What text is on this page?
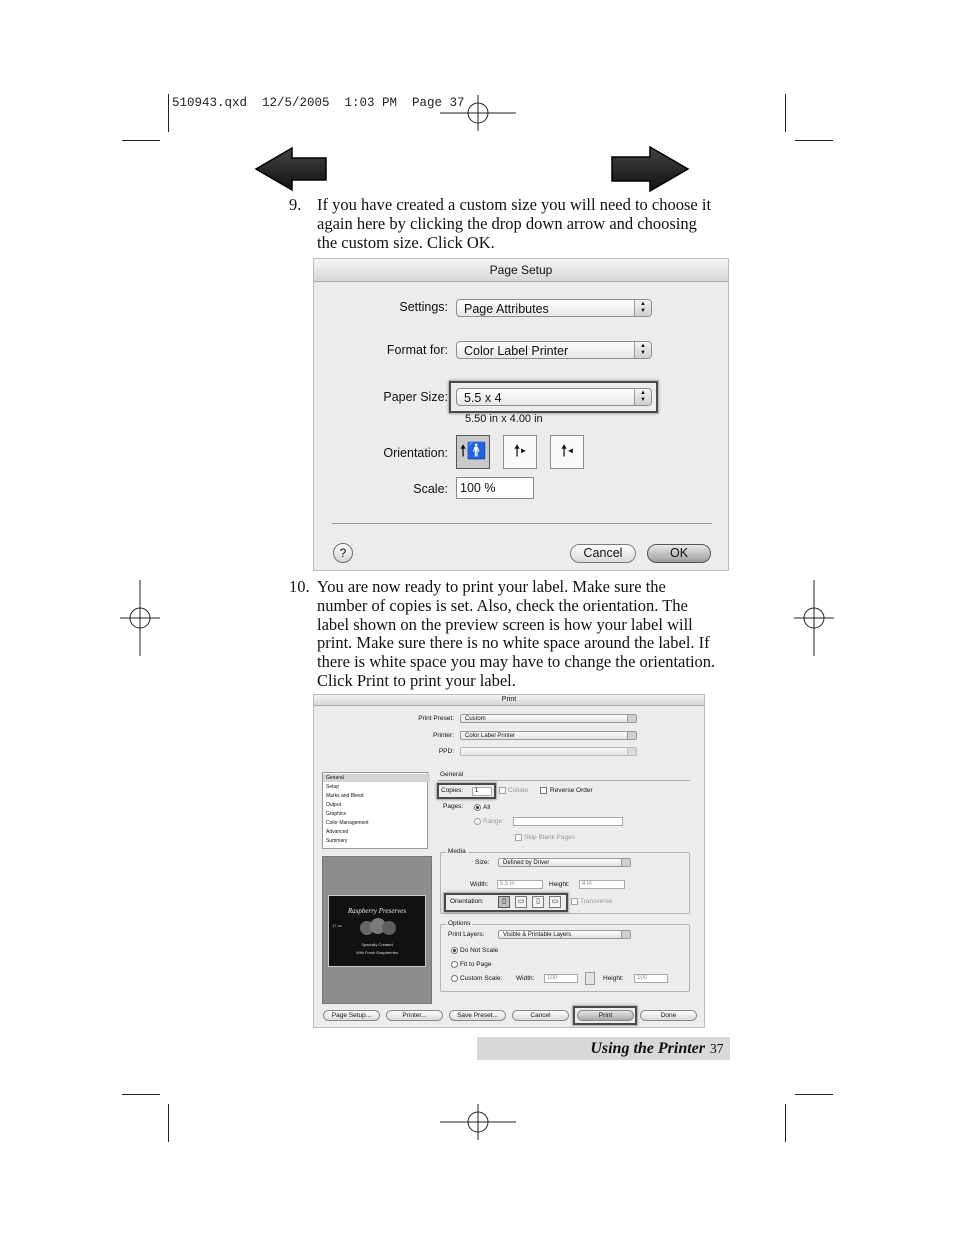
510943.qxd  12/5/2005  1:03 PM  Page 37
9. If you have created a custom size you will need to choose it again here by clicking the drop down arrow and choosing the custom size. Click OK.
Page Setup
Settings:	Page Attributes	▲
▼
Format for:	Color Label Printer	▲
▼
Paper Size:	5.5 x 4	▲
▼
5.50 in x 4.00 in
Orientation: 🠕🚹	🠕▸	🠕◂
Scale: 100 %
?	Cancel	OK
10. You are now ready to print your label. Make sure the number of copies is set. Also, check the orientation. The label shown on the preview screen is how your label will print. Make sure there is no white space around the label. If there is white space you may have to change the orientation. Click Print to print your label.
Print
Print Preset:	Custom
Printer:	Color Label Printer
PPD:
General
Setup
Marks and Bleed
Output
Graphics
Color Management
Advanced
Summary
Raspberry Preserves
17 oz
Specially Created
With Fresh Raspberries
General
Copies:	1	Collate	Reverse Order
Pages:	All
Range:
Skip Blank Pages
Media
Size:	Defined by Driver
Width:	5.5 in	Height:	4 in
Orientation:	▯	▭	▯	▭	Transverse
Options
Print Layers:	Visible & Printable Layers
Do Not Scale
Fit to Page
Custom Scale: Width:	100	Height:	100
Page Setup...	Printer...	Save Preset...	Cancel	Print	Done
Using the Printer 37
